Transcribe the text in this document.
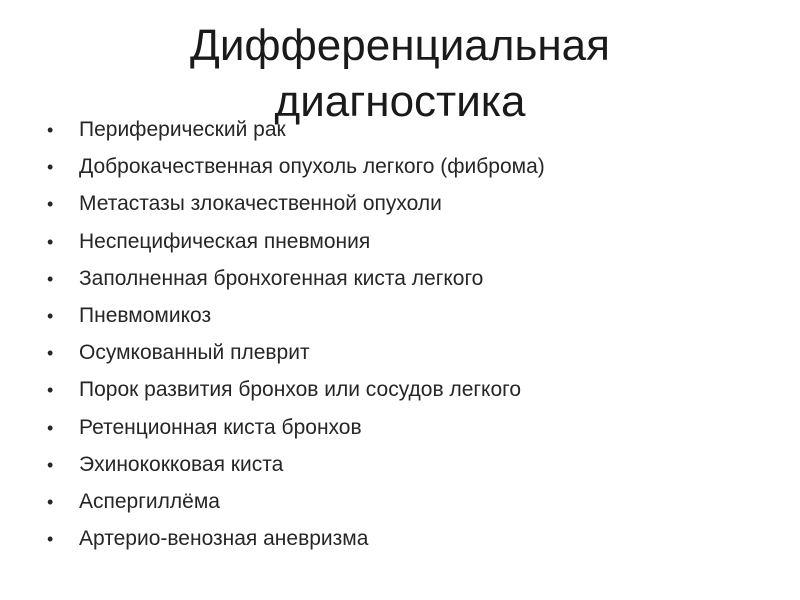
Дифференциальная
диагностика
•	Периферический рак
•	Доброкачественная опухоль легкого (фиброма)
•	Метастазы злокачественной опухоли
•	Неспецифическая пневмония
•	Заполненная бронхогенная киста легкого
•	Пневмомикоз
•	Осумкованный плеврит
•	Порок развития бронхов или сосудов легкого
•	Ретенционная киста бронхов
•	Эхинококковая киста
•	Аспергиллёма
•	Артерио-венозная аневризма
